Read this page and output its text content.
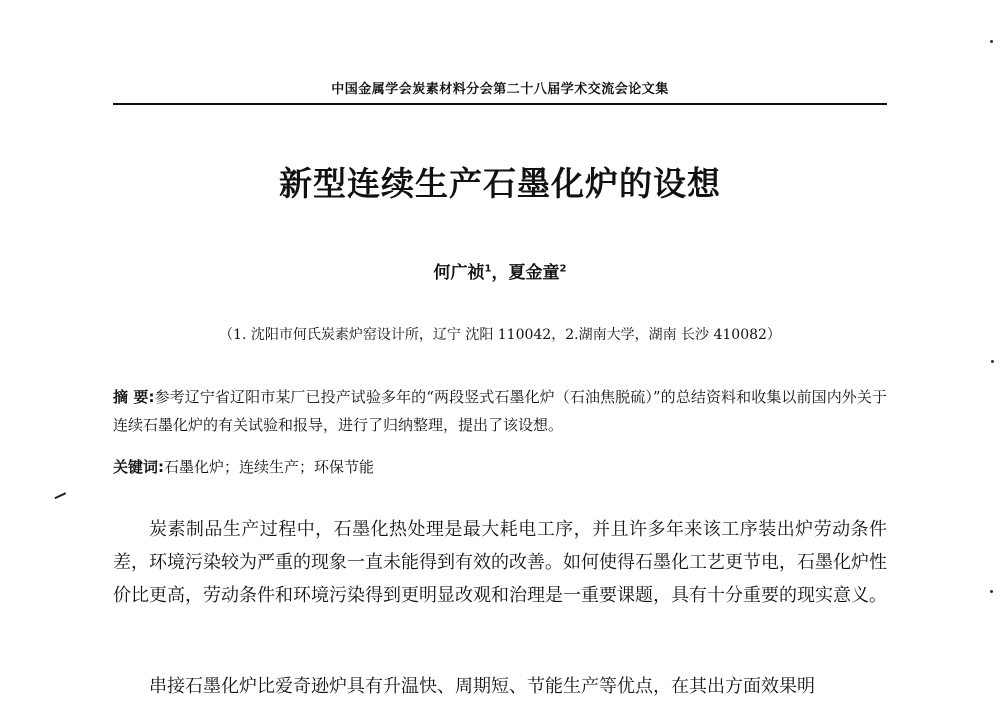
中国金属学会炭素材料分会第二十八届学术交流会论文集
新型连续生产石墨化炉的设想
何广祯$^1$，夏金童$^2$
（1. 沈阳市何氏炭素炉窑设计所，辽宁 沈阳 110042，2.湖南大学，湖南 长沙 410082）
摘 要:参考辽宁省辽阳市某厂已投产试验多年的“两段竖式石墨化炉（石油焦脱硫）”的总结资料和收集以前国内外关于连续石墨化炉的有关试验和报导，进行了归纳整理，提出了该设想。
关键词:石墨化炉；连续生产；环保节能
炭素制品生产过程中，石墨化热处理是最大耗电工序，并且许多年来该工序装出炉劳动条件差，环境污染较为严重的现象一直未能得到有效的改善。如何使得石墨化工艺更节电，石墨化炉性价比更高，劳动条件和环境污染得到更明显改观和治理是一重要课题，具有十分重要的现实意义。
串接石墨化炉比爱奇逊炉具有升温快、周期短、节能生产等优点，在其出方面效果明
